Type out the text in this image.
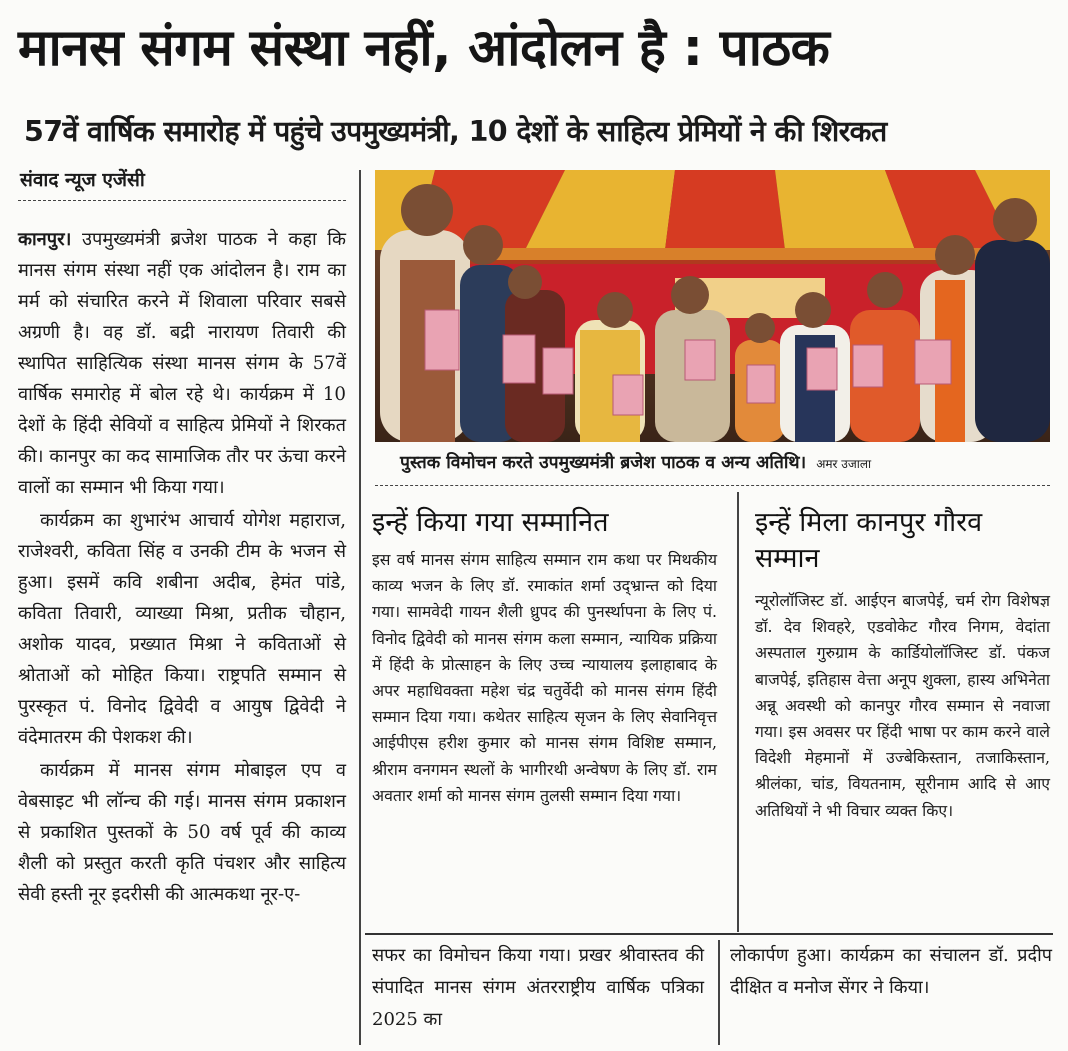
मानस संगम संस्था नहीं, आंदोलन है : पाठक
57वें वार्षिक समारोह में पहुंचे उपमुख्यमंत्री, 10 देशों के साहित्य प्रेमियों ने की शिरकत
संवाद न्यूज एजेंसी

कानपुर। उपमुख्यमंत्री ब्रजेश पाठक ने कहा कि मानस संगम संस्था नहीं एक आंदोलन है। राम का मर्म को संचारित करने में शिवाला परिवार सबसे अग्रणी है। वह डॉ. बद्री नारायण तिवारी की स्थापित साहित्यिक संस्था मानस संगम के 57वें वार्षिक समारोह में बोल रहे थे। कार्यक्रम में 10 देशों के हिंदी सेवियों व साहित्य प्रेमियों ने शिरकत की। कानपुर का कद सामाजिक तौर पर ऊंचा करने वालों का सम्मान भी किया गया।

कार्यक्रम का शुभारंभ आचार्य योगेश महाराज, राजेश्वरी, कविता सिंह व उनकी टीम के भजन से हुआ। इसमें कवि शबीना अदीब, हेमंत पांडे, कविता तिवारी, व्याख्या मिश्रा, प्रतीक चौहान, अशोक यादव, प्रख्यात मिश्रा ने कविताओं से श्रोताओं को मोहित किया। राष्ट्रपति सम्मान से पुरस्कृत पं. विनोद द्विवेदी व आयुष द्विवेदी ने वंदेमातरम की पेशकश की।

कार्यक्रम में मानस संगम मोबाइल एप व वेबसाइट भी लॉन्च की गई। मानस संगम प्रकाशन से प्रकाशित पुस्तकों के 50 वर्ष पूर्व की काव्य शैली को प्रस्तुत करती कृति पंचशर और साहित्य सेवी हस्ती नूर इदरीसी की आत्मकथा नूर-ए-

पुस्तक विमोचन करते उपमुख्यमंत्री ब्रजेश पाठक व अन्य अतिथि। अमर उजाला
इन्हें किया गया सम्मानित
इस वर्ष मानस संगम साहित्य सम्मान राम कथा पर मिथकीय काव्य भजन के लिए डॉ. रमाकांत शर्मा उद्भ्रान्त को दिया गया। सामवेदी गायन शैली ध्रुपद की पुनर्स्थापना के लिए पं. विनोद द्विवेदी को मानस संगम कला सम्मान, न्यायिक प्रक्रिया में हिंदी के प्रोत्साहन के लिए उच्च न्यायालय इलाहाबाद के अपर महाधिवक्ता महेश चंद्र चतुर्वेदी को मानस संगम हिंदी सम्मान दिया गया। कथेतर साहित्य सृजन के लिए सेवानिवृत्त आईपीएस हरीश कुमार को मानस संगम विशिष्ट सम्मान, श्रीराम वनगमन स्थलों के भागीरथी अन्वेषण के लिए डॉ. राम अवतार शर्मा को मानस संगम तुलसी सम्मान दिया गया।
इन्हें मिला कानपुर गौरव सम्मान
न्यूरोलॉजिस्ट डॉ. आईएन बाजपेई, चर्म रोग विशेषज्ञ डॉ. देव शिवहरे, एडवोकेट गौरव निगम, वेदांता अस्पताल गुरुग्राम के कार्डियोलॉजिस्ट डॉ. पंकज बाजपेई, इतिहास वेत्ता अनूप शुक्ला, हास्य अभिनेता अन्नू अवस्थी को कानपुर गौरव सम्मान से नवाजा गया। इस अवसर पर हिंदी भाषा पर काम करने वाले विदेशी मेहमानों में उज्बेकिस्तान, तजाकिस्तान, श्रीलंका, चांड, वियतनाम, सूरीनाम आदि से आए अतिथियों ने भी विचार व्यक्त किए।
सफर का विमोचन किया गया। प्रखर श्रीवास्तव की संपादित मानस संगम अंतरराष्ट्रीय वार्षिक पत्रिका 2025 का
लोकार्पण हुआ। कार्यक्रम का संचालन डॉ. प्रदीप दीक्षित व मनोज सेंगर ने किया।
